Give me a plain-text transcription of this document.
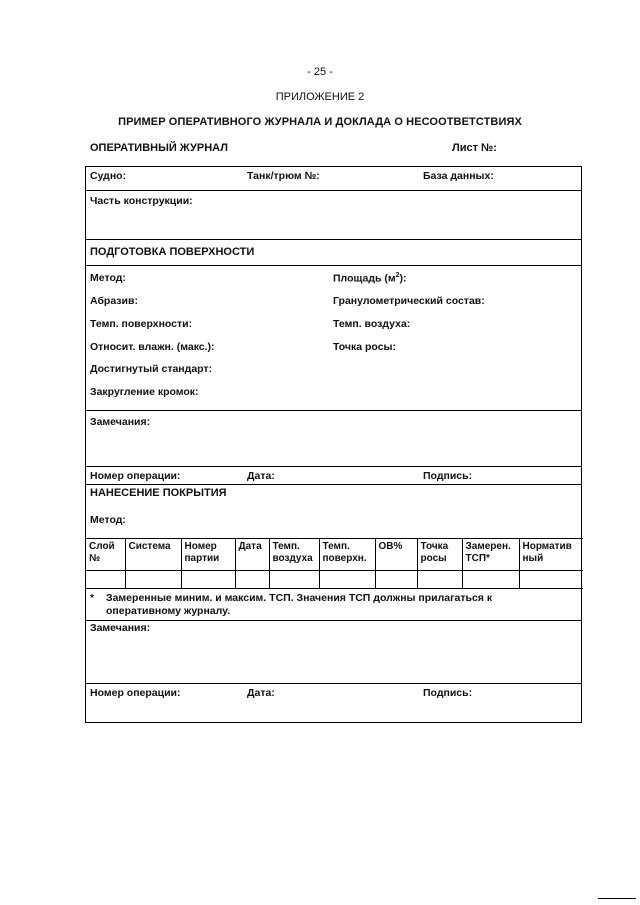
- 25 -
ПРИЛОЖЕНИЕ 2
ПРИМЕР ОПЕРАТИВНОГО ЖУРНАЛА И ДОКЛАДА О НЕСООТВЕТСТВИЯХ
ОПЕРАТИВНЫЙ ЖУРНАЛ	Лист №:
Судно:	Танк/трюм №:	База данных:
Часть конструкции:
ПОДГОТОВКА ПОВЕРХНОСТИ
Метод:	Площадь $(м^2)$:
Абразив:	Гранулометрический состав:
Темп. поверхности:	Темп. воздуха:
Относит. влажн. (макс.):	Точка росы:
Достигнутый стандарт:
Закругление кромок:
Замечания:
Номер операции:	Дата:	Подпись:
НАНЕСЕНИЕ ПОКРЫТИЯ
Метод:
Слой №	Система	Номер партии	Дата	Темп. воздуха	Темп. поверхн.	ОВ%	Точка росы	Замерен. ТСП*	Норматив ный

* Замеренные миним. и максим. ТСП. Значения ТСП должны прилагаться к оперативному журналу.
Замечания:
Номер операции:	Дата:	Подпись:
